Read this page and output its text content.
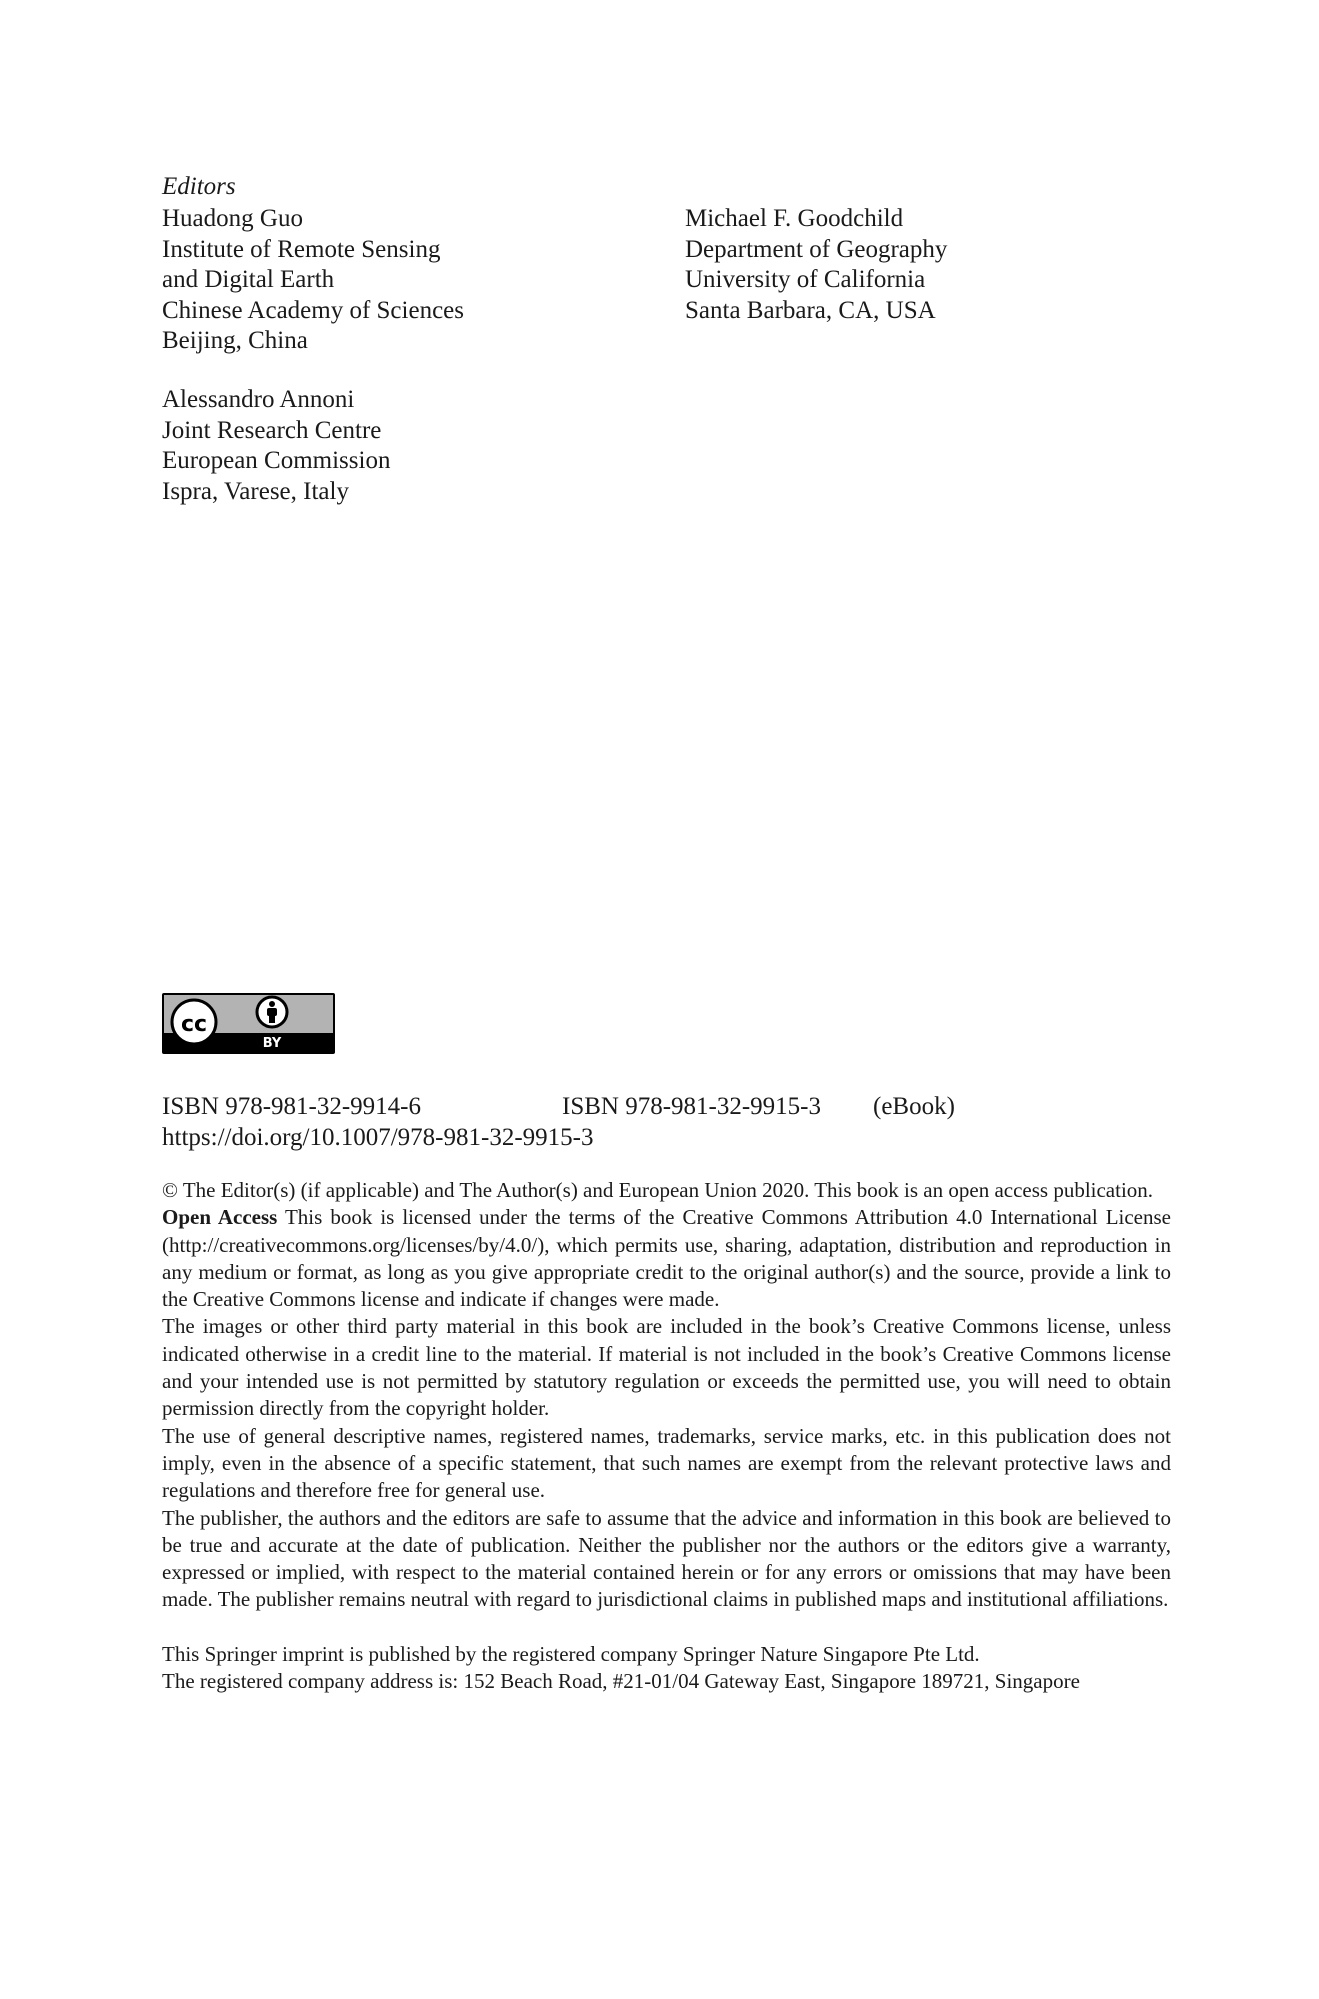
Editors
Huadong Guo
Institute of Remote Sensing
and Digital Earth
Chinese Academy of Sciences
Beijing, China
Michael F. Goodchild
Department of Geography
University of California
Santa Barbara, CA, USA
Alessandro Annoni
Joint Research Centre
European Commission
Ispra, Varese, Italy
cc
BY
ISBN 978-981-32-9914-6	ISBN 978-981-32-9915-3 (eBook)
https://doi.org/10.1007/978-981-32-9915-3

© The Editor(s) (if applicable) and The Author(s) and European Union 2020. This book is an open access publication.

Open Access This book is licensed under the terms of the Creative Commons Attribution 4.0 International License (http://creativecommons.org/licenses/by/4.0/), which permits use, sharing, adaptation, distribution and reproduction in any medium or format, as long as you give appropriate credit to the original author(s) and the source, provide a link to the Creative Commons license and indicate if changes were made.

The images or other third party material in this book are included in the book’s Creative Commons license, unless indicated otherwise in a credit line to the material. If material is not included in the book’s Creative Commons license and your intended use is not permitted by statutory regulation or exceeds the permitted use, you will need to obtain permission directly from the copyright holder.

The use of general descriptive names, registered names, trademarks, service marks, etc. in this publication does not imply, even in the absence of a specific statement, that such names are exempt from the relevant protective laws and regulations and therefore free for general use.

The publisher, the authors and the editors are safe to assume that the advice and information in this book are believed to be true and accurate at the date of publication. Neither the publisher nor the authors or the editors give a warranty, expressed or implied, with respect to the material contained herein or for any errors or omissions that may have been made. The publisher remains neutral with regard to jurisdictional claims in published maps and institutional affiliations.

This Springer imprint is published by the registered company Springer Nature Singapore Pte Ltd.

The registered company address is: 152 Beach Road, #21-01/04 Gateway East, Singapore 189721, Singapore
